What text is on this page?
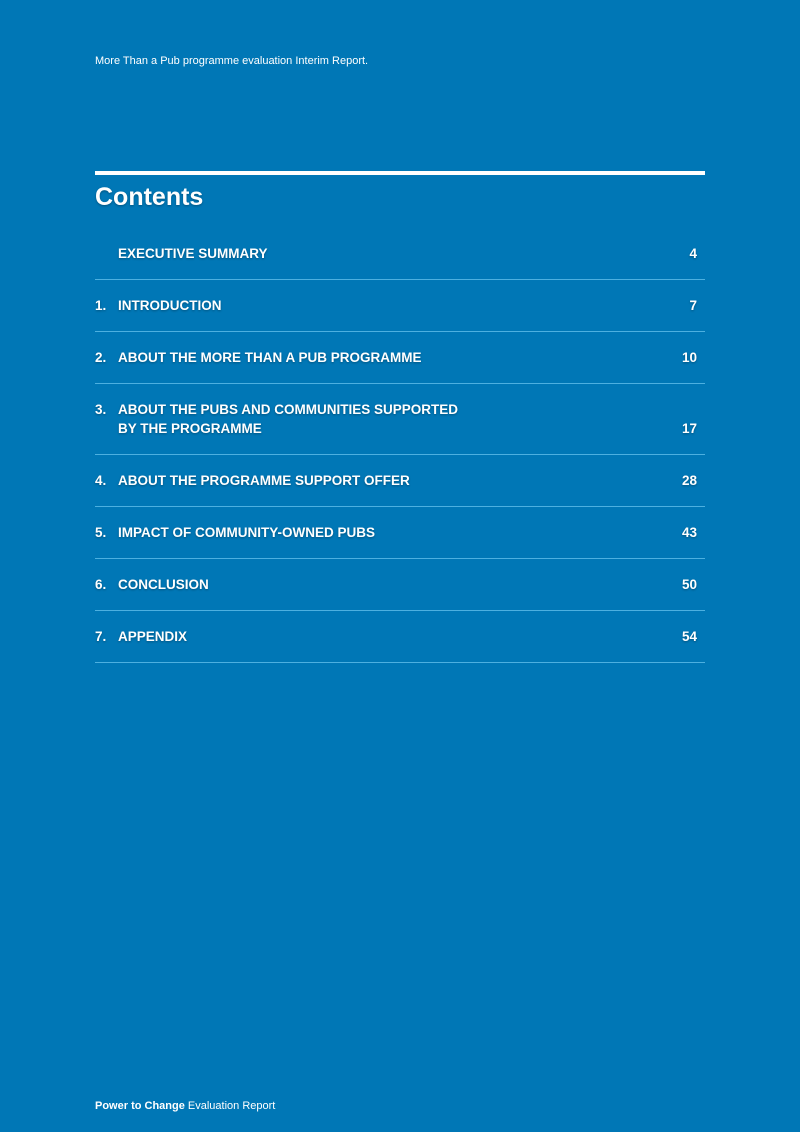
More Than a Pub programme evaluation Interim Report.
Contents
EXECUTIVE SUMMARY	4
1. INTRODUCTION	7
2. ABOUT THE MORE THAN A PUB PROGRAMME	10
3. ABOUT THE PUBS AND COMMUNITIES SUPPORTED
BY THE PROGRAMME	17
4. ABOUT THE PROGRAMME SUPPORT OFFER	28
5. IMPACT OF COMMUNITY-OWNED PUBS	43
6. CONCLUSION	50
7. APPENDIX	54
Power to Change Evaluation Report
